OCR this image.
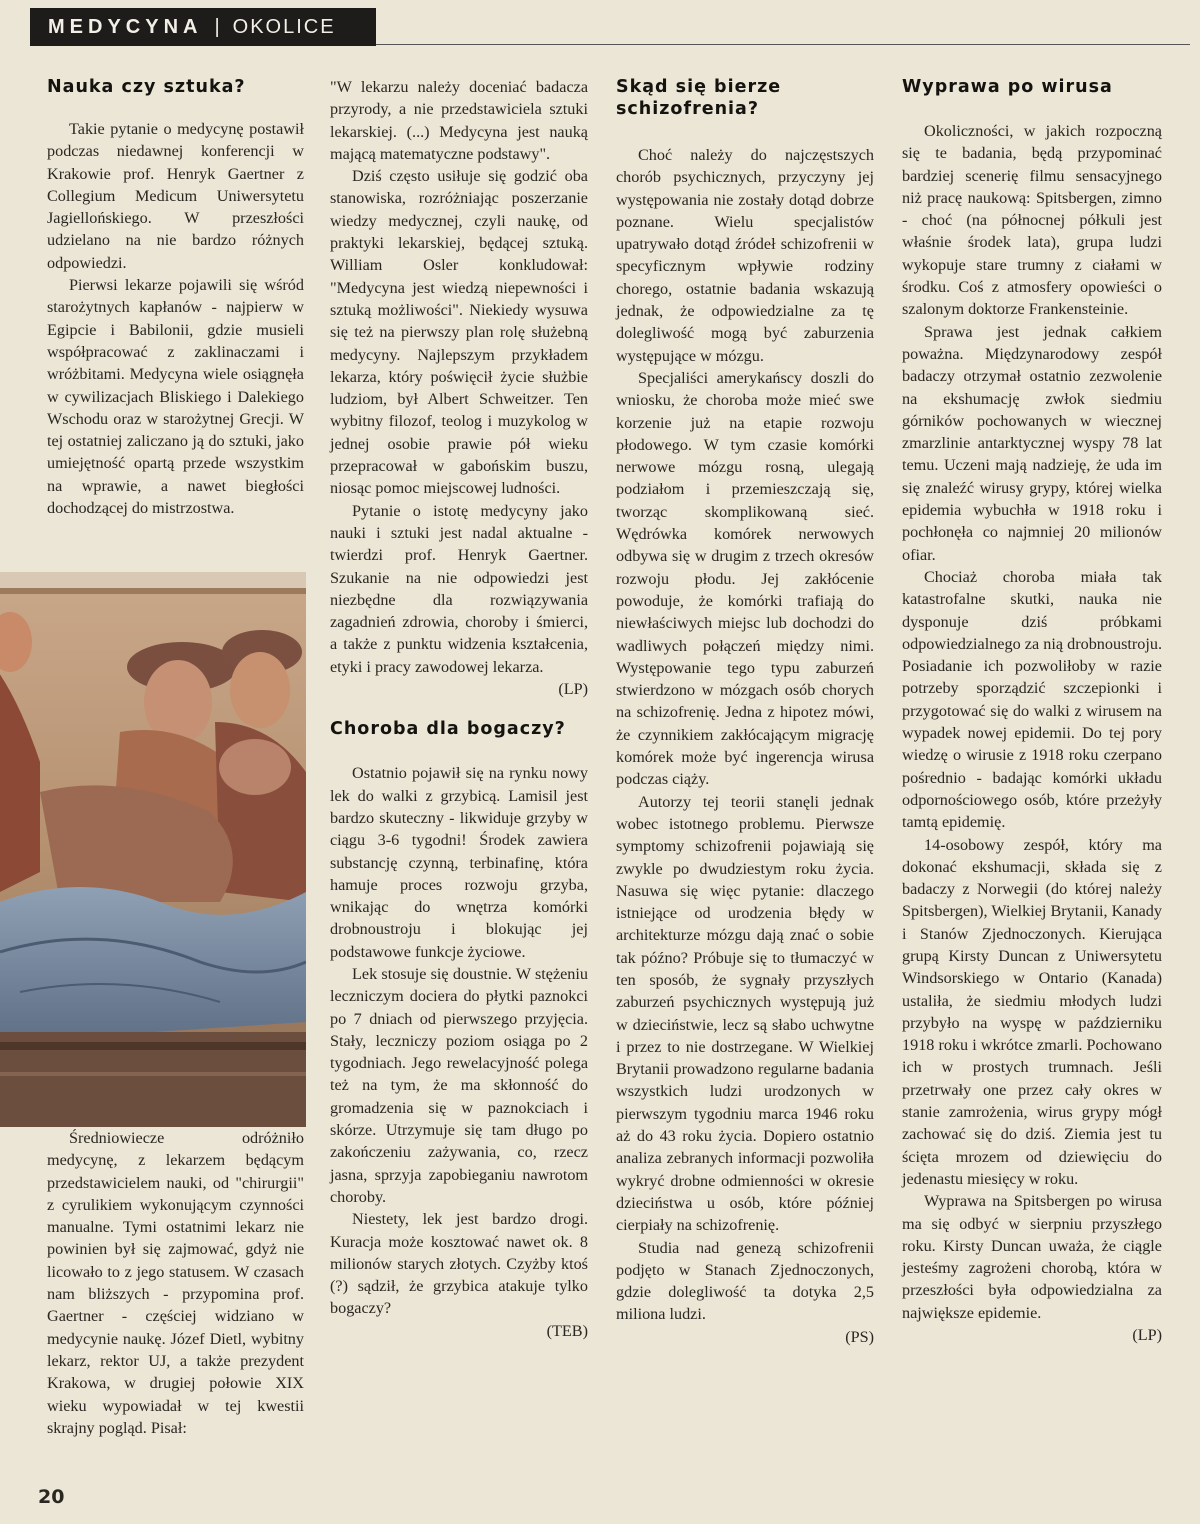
MEDYCYNA | OKOLICE
Nauka czy sztuka?

Takie pytanie o medycynę postawił podczas niedawnej konferencji w Krakowie prof. Henryk Gaertner z Collegium Medicum Uniwersytetu Jagiellońskiego. W przeszłości udzielano na nie bardzo różnych odpowiedzi.

Pierwsi lekarze pojawili się wśród starożytnych kapłanów - najpierw w Egipcie i Babilonii, gdzie musieli współpracować z zaklinaczami i wróżbitami. Medycyna wiele osiągnęła w cywilizacjach Bliskiego i Dalekiego Wschodu oraz w starożytnej Grecji. W tej ostatniej zaliczano ją do sztuki, jako umiejętność opartą przede wszystkim na wprawie, a nawet biegłości dochodzącej do mistrzostwa.

Średniowiecze odróżniło medycynę, z lekarzem będącym przedstawicielem nauki, od "chirurgii" z cyrulikiem wykonującym czynności manualne. Tymi ostatnimi lekarz nie powinien był się zajmować, gdyż nie licowało to z jego statusem. W czasach nam bliższych - przypomina prof. Gaertner - częściej widziano w medycynie naukę. Józef Dietl, wybitny lekarz, rektor UJ, a także prezydent Krakowa, w drugiej połowie XIX wieku wypowiadał w tej kwestii skrajny pogląd. Pisał:

"W lekarzu należy doceniać badacza przyrody, a nie przedstawiciela sztuki lekarskiej. (...) Medycyna jest nauką mającą matematyczne podstawy".

Dziś często usiłuje się godzić oba stanowiska, rozróżniając poszerzanie wiedzy medycznej, czyli naukę, od praktyki lekarskiej, będącej sztuką. William Osler konkludował: "Medycyna jest wiedzą niepewności i sztuką możliwości". Niekiedy wysuwa się też na pierwszy plan rolę służebną medycyny. Najlepszym przykładem lekarza, który poświęcił życie służbie ludziom, był Albert Schweitzer. Ten wybitny filozof, teolog i muzykolog w jednej osobie prawie pół wieku przepracował w gabońskim buszu, niosąc pomoc miejscowej ludności.

Pytanie o istotę medycyny jako nauki i sztuki jest nadal aktualne - twierdzi prof. Henryk Gaertner. Szukanie na nie odpowiedzi jest niezbędne dla rozwiązywania zagadnień zdrowia, choroby i śmierci, a także z punktu widzenia kształcenia, etyki i pracy zawodowej lekarza.

(LP)

Choroba dla bogaczy?

Ostatnio pojawił się na rynku nowy lek do walki z grzybicą. Lamisil jest bardzo skuteczny - likwiduje grzyby w ciągu 3-6 tygodni! Środek zawiera substancję czynną, terbinafinę, która hamuje proces rozwoju grzyba, wnikając do wnętrza komórki drobnoustroju i blokując jej podstawowe funkcje życiowe.

Lek stosuje się doustnie. W stężeniu leczniczym dociera do płytki paznokci po 7 dniach od pierwszego przyjęcia. Stały, leczniczy poziom osiąga po 2 tygodniach. Jego rewelacyjność polega też na tym, że ma skłonność do gromadzenia się w paznokciach i skórze. Utrzymuje się tam długo po zakończeniu zażywania, co, rzecz jasna, sprzyja zapobieganiu nawrotom choroby.

Niestety, lek jest bardzo drogi. Kuracja może kosztować nawet ok. 8 milionów starych złotych. Czyżby ktoś (?) sądził, że grzybica atakuje tylko bogaczy?

(TEB)

Skąd się bierze schizofrenia?

Choć należy do najczęstszych chorób psychicznych, przyczyny jej występowania nie zostały dotąd dobrze poznane. Wielu specjalistów upatrywało dotąd źródeł schizofrenii w specyficznym wpływie rodziny chorego, ostatnie badania wskazują jednak, że odpowiedzialne za tę dolegliwość mogą być zaburzenia występujące w mózgu.

Specjaliści amerykańscy doszli do wniosku, że choroba może mieć swe korzenie już na etapie rozwoju płodowego. W tym czasie komórki nerwowe mózgu rosną, ulegają podziałom i przemieszczają się, tworząc skomplikowaną sieć. Wędrówka komórek nerwowych odbywa się w drugim z trzech okresów rozwoju płodu. Jej zakłócenie powoduje, że komórki trafiają do niewłaściwych miejsc lub dochodzi do wadliwych połączeń między nimi. Występowanie tego typu zaburzeń stwierdzono w mózgach osób chorych na schizofrenię. Jedna z hipotez mówi, że czynnikiem zakłócającym migrację komórek może być ingerencja wirusa podczas ciąży.

Autorzy tej teorii stanęli jednak wobec istotnego problemu. Pierwsze symptomy schizofrenii pojawiają się zwykle po dwudziestym roku życia. Nasuwa się więc pytanie: dlaczego istniejące od urodzenia błędy w architekturze mózgu dają znać o sobie tak późno? Próbuje się to tłumaczyć w ten sposób, że sygnały przyszłych zaburzeń psychicznych występują już w dzieciństwie, lecz są słabo uchwytne i przez to nie dostrzegane. W Wielkiej Brytanii prowadzono regularne badania wszystkich ludzi urodzonych w pierwszym tygodniu marca 1946 roku aż do 43 roku życia. Dopiero ostatnio analiza zebranych informacji pozwoliła wykryć drobne odmienności w okresie dzieciństwa u osób, które później cierpiały na schizofrenię.

Studia nad genezą schizofrenii podjęto w Stanach Zjednoczonych, gdzie dolegliwość ta dotyka 2,5 miliona ludzi.

(PS)

Wyprawa po wirusa

Okoliczności, w jakich rozpoczną się te badania, będą przypominać bardziej scenerię filmu sensacyjnego niż pracę naukową: Spitsbergen, zimno - choć (na północnej półkuli jest właśnie środek lata), grupa ludzi wykopuje stare trumny z ciałami w środku. Coś z atmosfery opowieści o szalonym doktorze Frankensteinie.

Sprawa jest jednak całkiem poważna. Międzynarodowy zespół badaczy otrzymał ostatnio zezwolenie na ekshumację zwłok siedmiu górników pochowanych w wiecznej zmarzlinie antarktycznej wyspy 78 lat temu. Uczeni mają nadzieję, że uda im się znaleźć wirusy grypy, której wielka epidemia wybuchła w 1918 roku i pochłonęła co najmniej 20 milionów ofiar.

Chociaż choroba miała tak katastrofalne skutki, nauka nie dysponuje dziś próbkami odpowiedzialnego za nią drobnoustroju. Posiadanie ich pozwoliłoby w razie potrzeby sporządzić szczepionki i przygotować się do walki z wirusem na wypadek nowej epidemii. Do tej pory wiedzę o wirusie z 1918 roku czerpano pośrednio - badając komórki układu odpornościowego osób, które przeżyły tamtą epidemię.

14-osobowy zespół, który ma dokonać ekshumacji, składa się z badaczy z Norwegii (do której należy Spitsbergen), Wielkiej Brytanii, Kanady i Stanów Zjednoczonych. Kierująca grupą Kirsty Duncan z Uniwersytetu Windsorskiego w Ontario (Kanada) ustaliła, że siedmiu młodych ludzi przybyło na wyspę w październiku 1918 roku i wkrótce zmarli. Pochowano ich w prostych trumnach. Jeśli przetrwały one przez cały okres w stanie zamrożenia, wirus grypy mógł zachować się do dziś. Ziemia jest tu ścięta mrozem od dziewięciu do jedenastu miesięcy w roku.

Wyprawa na Spitsbergen po wirusa ma się odbyć w sierpniu przyszłego roku. Kirsty Duncan uważa, że ciągle jesteśmy zagrożeni chorobą, która w przeszłości była odpowiedzialna za największe epidemie.

(LP)

20
